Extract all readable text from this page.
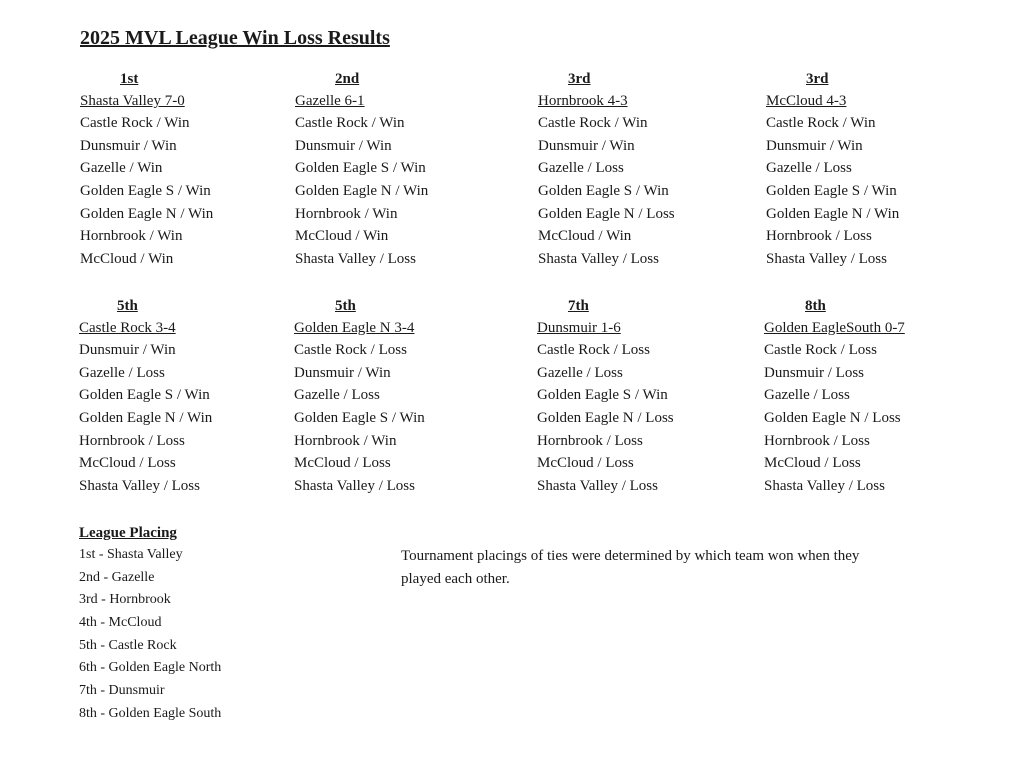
2025 MVL League Win Loss Results
1st
Shasta Valley 7-0
Castle Rock / Win
Dunsmuir / Win
Gazelle / Win
Golden Eagle S / Win
Golden Eagle N / Win
Hornbrook / Win
McCloud / Win
2nd
Gazelle 6-1
Castle Rock / Win
Dunsmuir / Win
Golden Eagle S / Win
Golden Eagle N / Win
Hornbrook / Win
McCloud / Win
Shasta Valley / Loss
3rd
Hornbrook 4-3
Castle Rock / Win
Dunsmuir / Win
Gazelle / Loss
Golden Eagle S / Win
Golden Eagle N / Loss
McCloud / Win
Shasta Valley / Loss
3rd
McCloud 4-3
Castle Rock / Win
Dunsmuir / Win
Gazelle / Loss
Golden Eagle S / Win
Golden Eagle N / Win
Hornbrook / Loss
Shasta Valley / Loss
5th
Castle Rock 3-4
Dunsmuir / Win
Gazelle / Loss
Golden Eagle S / Win
Golden Eagle N / Win
Hornbrook / Loss
McCloud / Loss
Shasta Valley / Loss
5th
Golden Eagle N 3-4
Castle Rock / Loss
Dunsmuir / Win
Gazelle / Loss
Golden Eagle S / Win
Hornbrook / Win
McCloud / Loss
Shasta Valley / Loss
7th
Dunsmuir 1-6
Castle Rock / Loss
Gazelle / Loss
Golden Eagle S / Win
Golden Eagle N / Loss
Hornbrook / Loss
McCloud / Loss
Shasta Valley / Loss
8th
Golden EagleSouth 0-7
Castle Rock / Loss
Dunsmuir / Loss
Gazelle / Loss
Golden Eagle N / Loss
Hornbrook / Loss
McCloud / Loss
Shasta Valley / Loss
League Placing
1st - Shasta Valley
2nd - Gazelle
3rd - Hornbrook
4th - McCloud
5th - Castle Rock
6th - Golden Eagle North
7th - Dunsmuir
8th - Golden Eagle South
Tournament placings of ties were determined by which team won when they played each other.
